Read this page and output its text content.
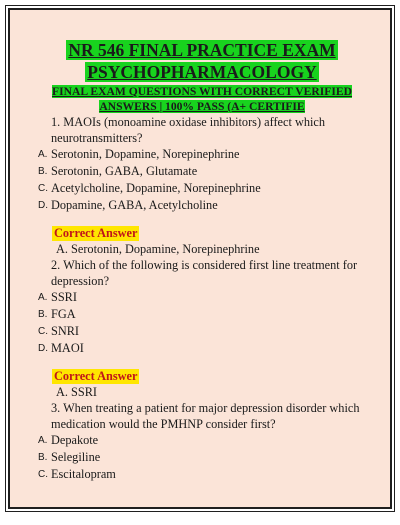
NR 546 FINAL PRACTICE EXAM
PSYCHOPHARMACOLOGY
FINAL EXAM QUESTIONS WITH CORRECT VERIFIED
ANSWERS | 100% PASS (A+ CERTIFIE
1. MAOIs (monoamine oxidase inhibitors) affect which neurotransmitters?
A. Serotonin, Dopamine, Norepinephrine
B. Serotonin, GABA, Glutamate
C. Acetylcholine, Dopamine, Norepinephrine
D. Dopamine, GABA, Acetylcholine
Correct Answer
A. Serotonin, Dopamine, Norepinephrine
2. Which of the following is considered first line treatment for depression?
A. SSRI
B. FGA
C. SNRI
D. MAOI
Correct Answer
A. SSRI
3. When treating a patient for major depression disorder which medication would the PMHNP consider first?
A. Depakote
B. Selegiline
C. Escitalopram
